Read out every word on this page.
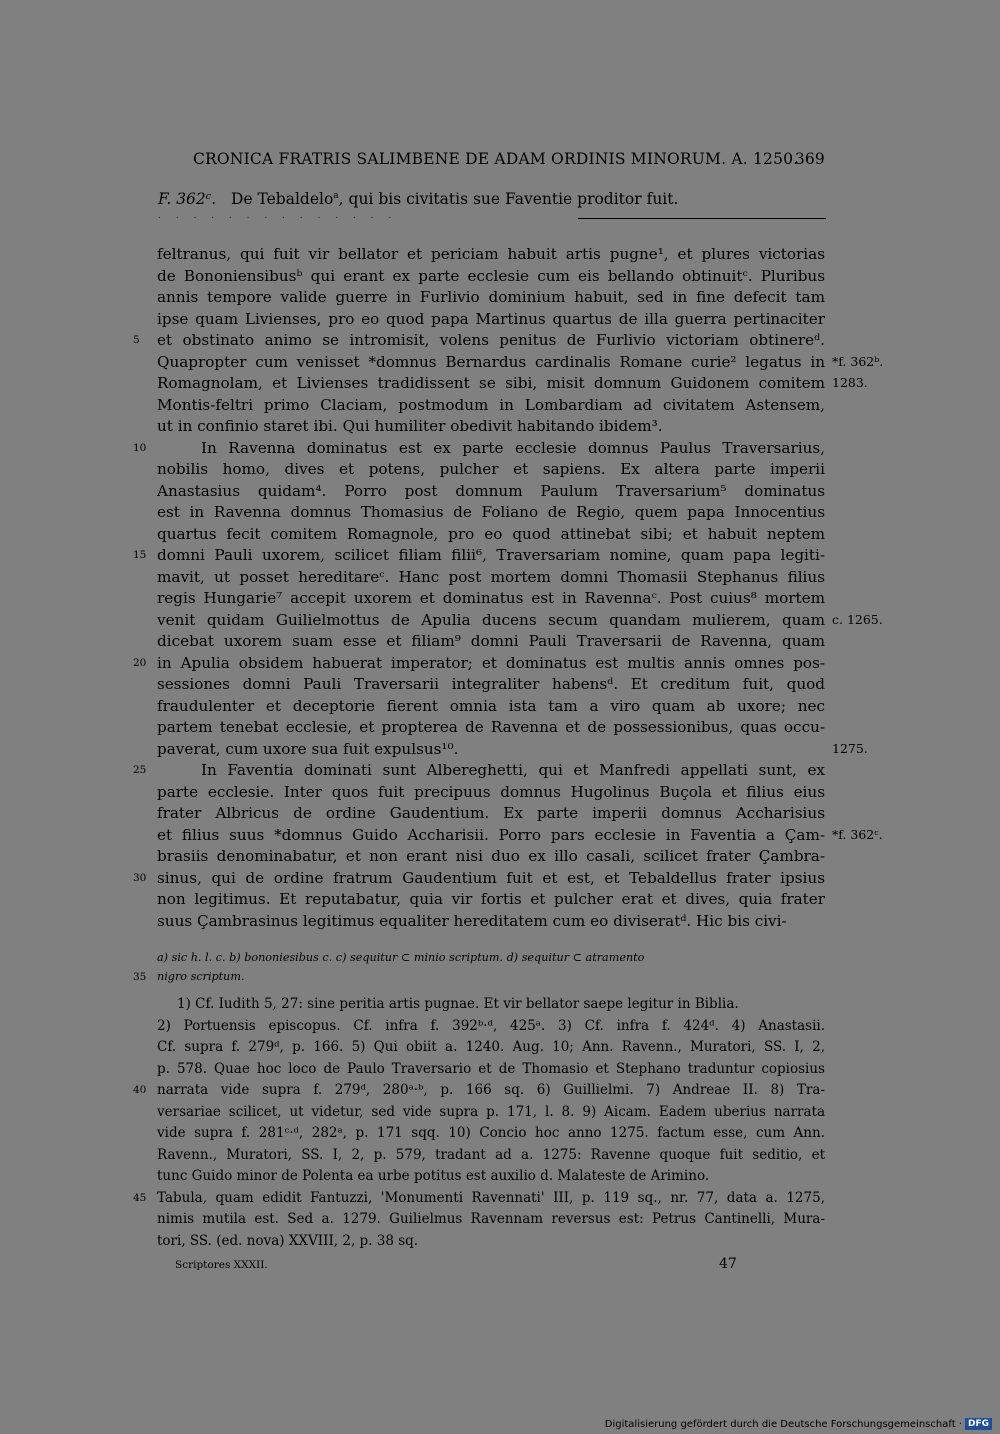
CRONICA FRATRIS SALIMBENE DE ADAM ORDINIS MINORUM. A. 1250.
369
F. 362ᶜ. De Tebaldelo$^a$, qui bis civitatis sue Faventie proditor fuit.
. . . . . . . . . . . . . .
feltranus, qui fuit vir bellator et periciam habuit artis pugne¹, et plures victorias
de Bononiensibusᵇ qui erant ex parte ecclesie cum eis bellando obtinuitᶜ. Pluribus
annis tempore valide guerre in Furlivio dominium habuit, sed in fine defecit tam
ipse quam Livienses, pro eo quod papa Martinus quartus de illa guerra pertinaciter
et obstinato animo se intromisit, volens penitus de Furlivio victoriam obtinereᵈ.
Quapropter cum venisset *domnus Bernardus cardinalis Romane curie² legatus in
Romagnolam, et Livienses tradidissent se sibi, misit domnum Guidonem comitem
Montis-feltri primo Claciam, postmodum in Lombardiam ad civitatem Astensem,
ut in confinio staret ibi. Qui humiliter obedivit habitando ibidem³.
In Ravenna dominatus est ex parte ecclesie domnus Paulus Traversarius,
nobilis homo, dives et potens, pulcher et sapiens. Ex altera parte imperii
Anastasius quidam⁴. Porro post domnum Paulum Traversarium⁵ dominatus
est in Ravenna domnus Thomasius de Foliano de Regio, quem papa Innocentius
quartus fecit comitem Romagnole, pro eo quod attinebat sibi; et habuit neptem
domni Pauli uxorem, scilicet filiam filii⁶, Traversariam nomine, quam papa legiti-
mavit, ut posset hereditareᶜ. Hanc post mortem domni Thomasii Stephanus filius
regis Hungarie⁷ accepit uxorem et dominatus est in Ravennaᶜ. Post cuius⁸ mortem
venit quidam Guilielmottus de Apulia ducens secum quandam mulierem, quam
dicebat uxorem suam esse et filiam⁹ domni Pauli Traversarii de Ravenna, quam
in Apulia obsidem habuerat imperator; et dominatus est multis annis omnes pos-
sessiones domni Pauli Traversarii integraliter habensᵈ. Et creditum fuit, quod
fraudulenter et deceptorie fierent omnia ista tam a viro quam ab uxore; nec
partem tenebat ecclesie, et propterea de Ravenna et de possessionibus, quas occu-
paverat, cum uxore sua fuit expulsus¹⁰.
In Faventia dominati sunt Albereghetti, qui et Manfredi appellati sunt, ex
parte ecclesie. Inter quos fuit precipuus domnus Hugolinus Buçola et filius eius
frater Albricus de ordine Gaudentium. Ex parte imperii domnus Accharisius
et filius suus *domnus Guido Accharisii. Porro pars ecclesie in Faventia a Çam-
brasiis denominabatur, et non erant nisi duo ex illo casali, scilicet frater Çambra-
sinus, qui de ordine fratrum Gaudentium fuit et est, et Tebaldellus frater ipsius
non legitimus. Et reputabatur, quia vir fortis et pulcher erat et dives, quia frater
suus Çambrasinus legitimus equaliter hereditatem cum eo diviseratᵈ. Hic bis civi-
a) sic h. l. c. b) bononiesibus c. c) sequitur ⊂ minio scriptum. d) sequitur ⊂ atramento
nigro scriptum.
1) Cf. Iudith 5, 27: sine peritia artis pugnae. Et vir bellator saepe legitur in Biblia.
2) Portuensis episcopus. Cf. infra f. 392ᵇ·ᵈ, 425ᵃ. 3) Cf. infra f. 424ᵈ. 4) Anastasii.
Cf. supra f. 279ᵈ, p. 166. 5) Qui obiit a. 1240. Aug. 10; Ann. Ravenn., Muratori, SS. I, 2,
p. 578. Quae hoc loco de Paulo Traversario et de Thomasio et Stephano traduntur copiosius
narrata vide supra f. 279ᵈ, 280ᵃ·ᵇ, p. 166 sq. 6) Guillielmi. 7) Andreae II. 8) Tra-
versariae scilicet, ut videtur, sed vide supra p. 171, l. 8. 9) Aicam. Eadem uberius narrata
vide supra f. 281ᶜ·ᵈ, 282ᵃ, p. 171 sqq. 10) Concio hoc anno 1275. factum esse, cum Ann.
Ravenn., Muratori, SS. I, 2, p. 579, tradant ad a. 1275: Ravenne quoque fuit seditio, et
tunc Guido minor de Polenta ea urbe potitus est auxilio d. Malateste de Arimino.
Tabula, quam edidit Fantuzzi, 'Monumenti Ravennati' III, p. 119 sq., nr. 77, data a. 1275,
nimis mutila est. Sed a. 1279. Guilielmus Ravennam reversus est: Petrus Cantinelli, Mura-
tori, SS. (ed. nova) XXVIII, 2, p. 38 sq.
5
10
15
20
25
30
35
40
45
*f. 362ᵇ.
1283.
c. 1265.
1275.
*f. 362ᶜ.
Scriptores XXXII.	47
Digitalisierung gefördert durch die Deutsche Forschungsgemeinschaft · DFG
